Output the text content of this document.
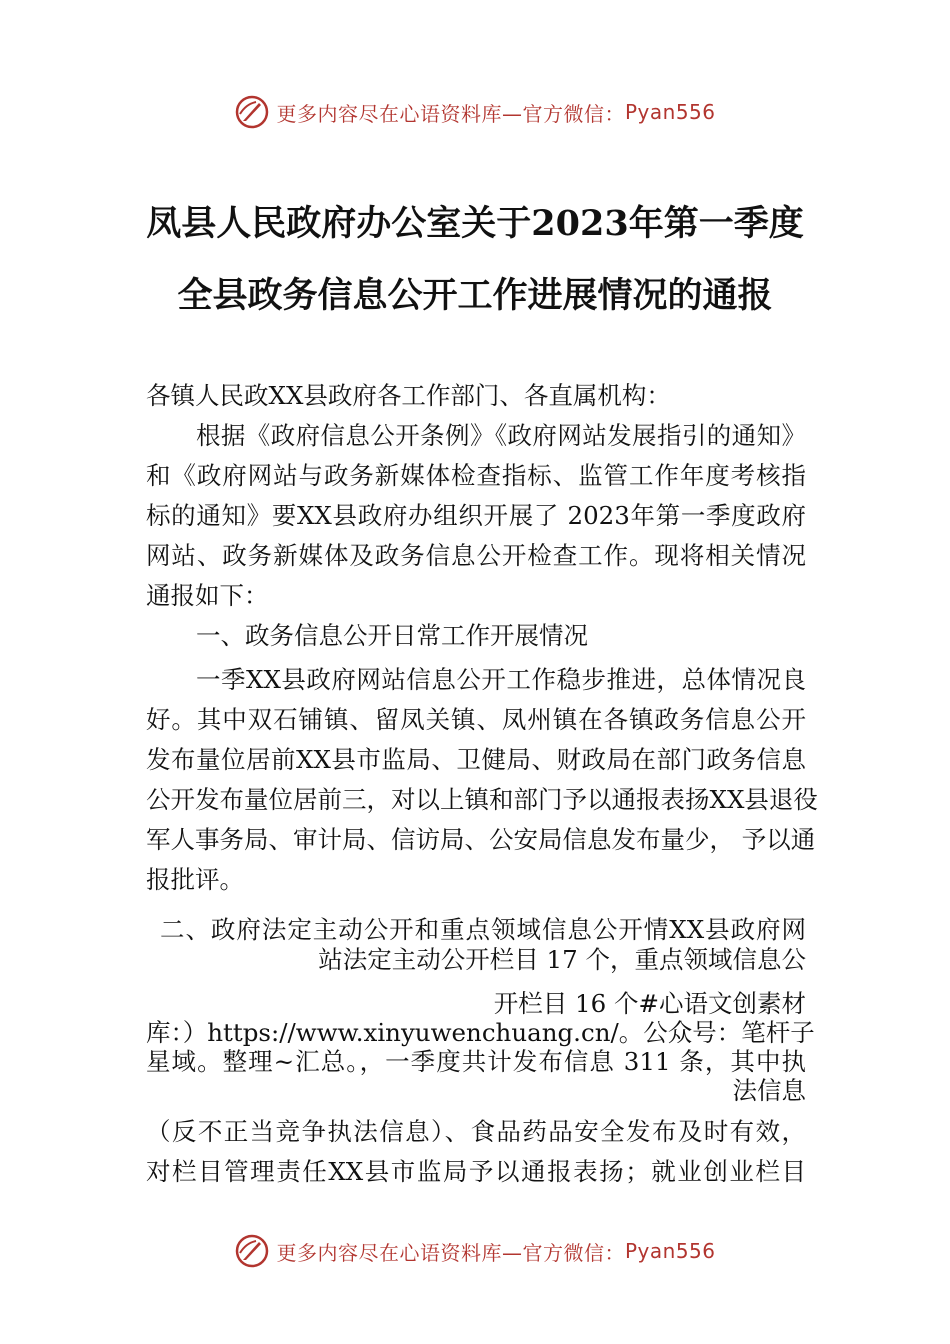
更多内容尽在心语资料库—官方微信： Pyan556
凤县人民政府办公室关于2023年第一季度
全县政务信息公开工作进展情况的通报
各镇人民政XX县政府各工作部门、各直属机构：
根据《政府信息公开条例》《政府网站发展指引的通知》
和《政府网站与政务新媒体检查指标、监管工作年度考核指
标的通知》要XX县政府办组织开展了 2023年第一季度政府
网站、政务新媒体及政务信息公开检查工作。现将相关情况
通报如下：
一、政务信息公开日常工作开展情况
一季XX县政府网站信息公开工作稳步推进，总体情况良
好。其中双石铺镇、留凤关镇、凤州镇在各镇政务信息公开
发布量位居前XX县市监局、卫健局、财政局在部门政务信息
公开发布量位居前三，对以上镇和部门予以通报表扬XX县退役
军人事务局、审计局、信访局、公安局信息发布量少， 予以通
报批评。
二、政府法定主动公开和重点领域信息公开情XX县政府网
站法定主动公开栏目 17 个，重点领域信息公
开栏目 16 个#心语文创素材
库：）https://www.xinyuwenchuang.cn/。公众号：笔杆子
星域。整理~汇总。，一季度共计发布信息 311 条，其中执
法信息
（反不正当竞争执法信息）、食品药品安全发布及时有效，
对栏目管理责任XX县市监局予以通报表扬；就业创业栏目
更多内容尽在心语资料库—官方微信： Pyan556
